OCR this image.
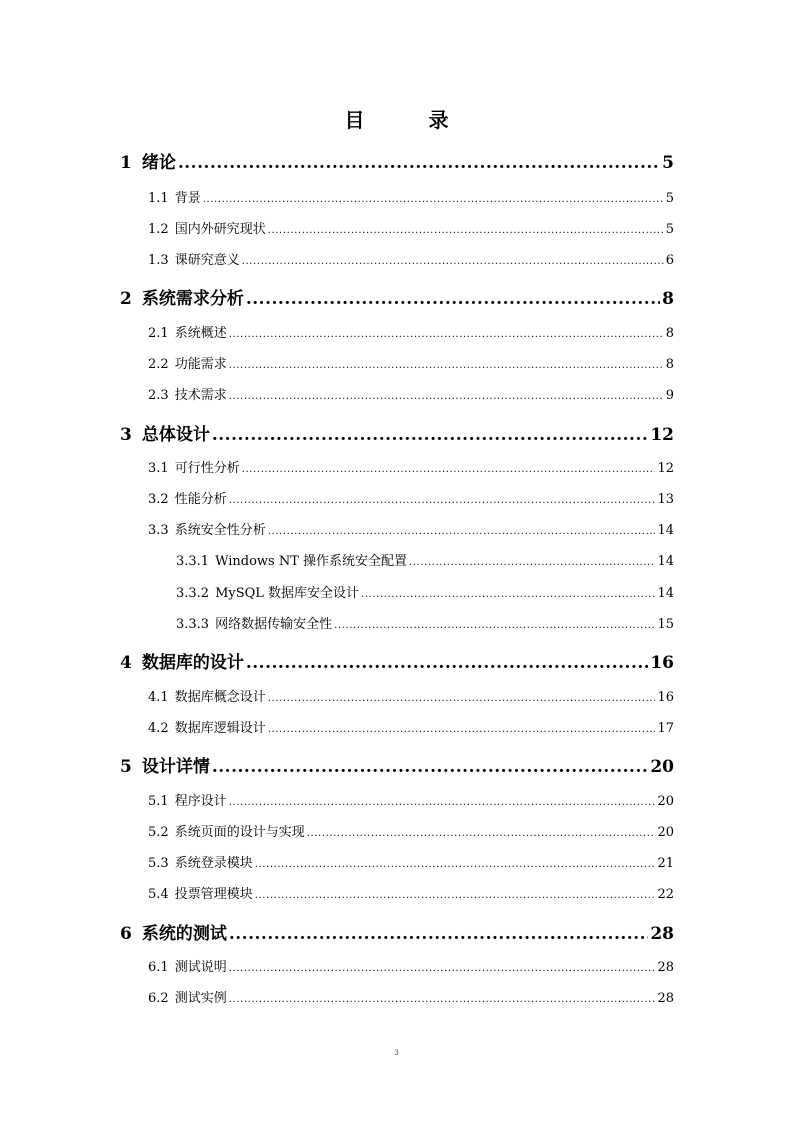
目　录
1 绪论 .....	5
1.1 背景 .....	5
1.2 国内外研究现状 .....	5
1.3 课研究意义 .....	6
2 系统需求分析 .....	8
2.1 系统概述 .....	8
2.2 功能需求 .....	8
2.3 技术需求 .....	9
3 总体设计 .....	12
3.1 可行性分析 .....	12
3.2 性能分析 .....	13
3.3 系统安全性分析 .....	14
3.3.1 Windows NT 操作系统安全配置 .....	14
3.3.2 MySQL 数据库安全设计 .....	14
3.3.3 网络数据传输安全性 .....	15
4 数据库的设计 .....	16
4.1 数据库概念设计 .....	16
4.2 数据库逻辑设计 .....	17
5 设计详情 .....	20
5.1 程序设计 .....	20
5.2 系统页面的设计与实现 .....	20
5.3 系统登录模块 .....	21
5.4 投票管理模块 .....	22
6 系统的测试 .....	28
6.1 测试说明 .....	28
6.2 测试实例 .....	28
3
